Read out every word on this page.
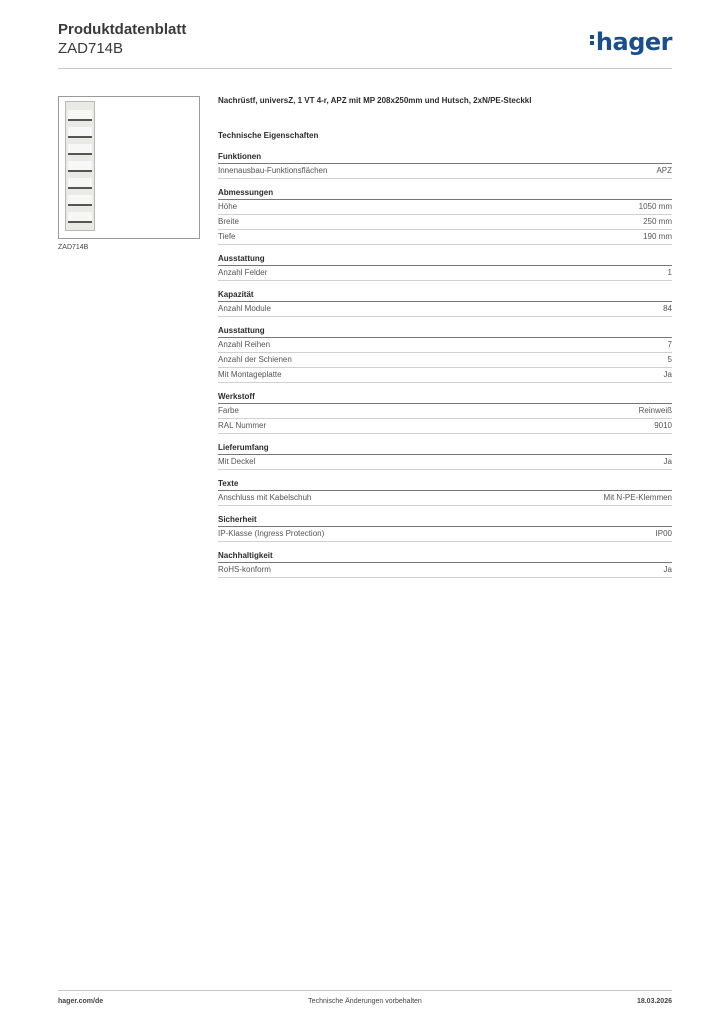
Produktdatenblatt
ZAD714B	hager
ZAD714B
Nachrüstf, universZ, 1 VT 4-r, APZ mit MP 208x250mm und Hutsch, 2xN/PE-Steckkl
Technische Eigenschaften
Funktionen
Innenausbau-Funktionsflächen	APZ
Abmessungen
Höhe	1050 mm
Breite	250 mm
Tiefe	190 mm
Ausstattung
Anzahl Felder	1
Kapazität
Anzahl Module	84
Ausstattung
Anzahl Reihen	7
Anzahl der Schienen	5
Mit Montageplatte	Ja
Werkstoff
Farbe	Reinweiß
RAL Nummer	9010
Lieferumfang
Mit Deckel	Ja
Texte
Anschluss mit Kabelschuh	Mit N-PE-Klemmen
Sicherheit
IP-Klasse (Ingress Protection)	IP00
Nachhaltigkeit
RoHS-konform	Ja
hager.com/de	Technische Änderungen vorbehalten	18.03.2026
